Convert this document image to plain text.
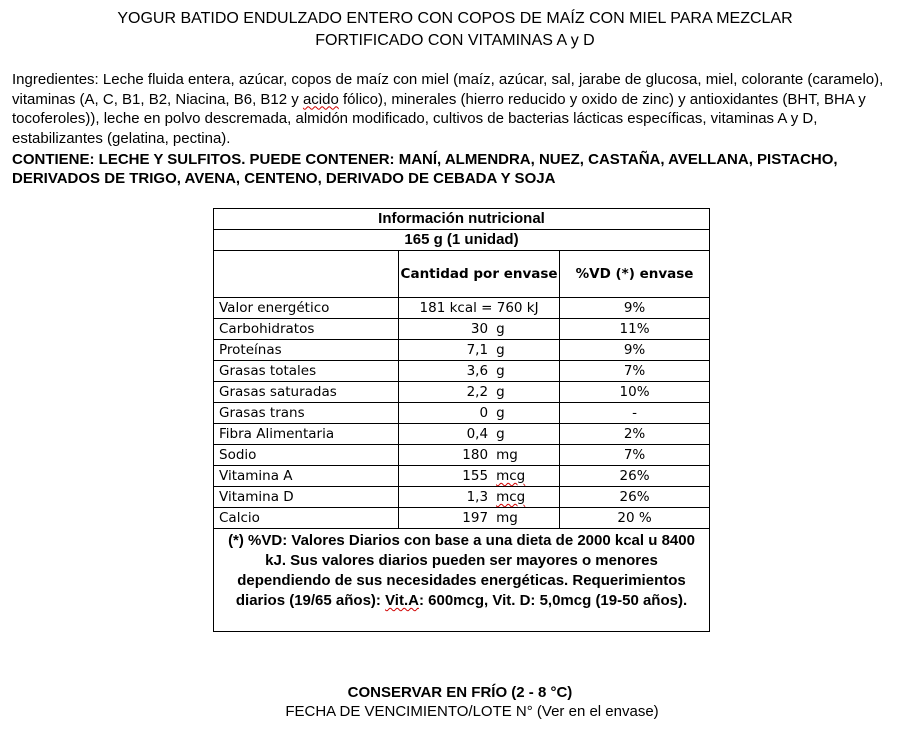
YOGUR BATIDO ENDULZADO ENTERO CON COPOS DE MAÍZ CON MIEL PARA MEZCLAR
FORTIFICADO CON VITAMINAS A y D
Ingredientes: Leche fluida entera, azúcar, copos de maíz con miel (maíz, azúcar, sal, jarabe de glucosa, miel, colorante (caramelo), vitaminas (A, C, B1, B2, Niacina, B6, B12 y acido fólico), minerales (hierro reducido y oxido de zinc) y antioxidantes (BHT, BHA y tocoferoles)), leche en polvo descremada, almidón modificado, cultivos de bacterias lácticas específicas, vitaminas A y D, estabilizantes (gelatina, pectina).
CONTIENE: LECHE Y SULFITOS. PUEDE CONTENER: MANÍ, ALMENDRA, NUEZ, CASTAÑA, AVELLANA, PISTACHO, DERIVADOS DE TRIGO, AVENA, CENTENO, DERIVADO DE CEBADA Y SOJA
Información nutricional		
165 g (1 unidad)		
	Cantidad por envase	%VD (*) envase
Valor energético	181 kcal = 760 kJ	9%
Carbohidratos	30 g	11%
Proteínas	7,1 g	9%
Grasas totales	3,6 g	7%
Grasas saturadas	2,2 g	10%
Grasas trans	0 g	-
Fibra Alimentaria	0,4 g	2%
Sodio	180 mg	7%
Vitamina A	155 mcg	26%
Vitamina D	1,3 mcg	26%
Calcio	197 mg	20 %
(*) %VD: Valores Diarios con base a una dieta de 2000 kcal u 8400 kJ. Sus valores diarios pueden ser mayores o menores dependiendo de sus necesidades energéticas. Requerimientos diarios (19/65 años): Vit.A: 600mcg, Vit. D: 5,0mcg (19-50 años).		
CONSERVAR EN FRÍO (2 - 8 °C)
FECHA DE VENCIMIENTO/LOTE N° (Ver en el envase)
